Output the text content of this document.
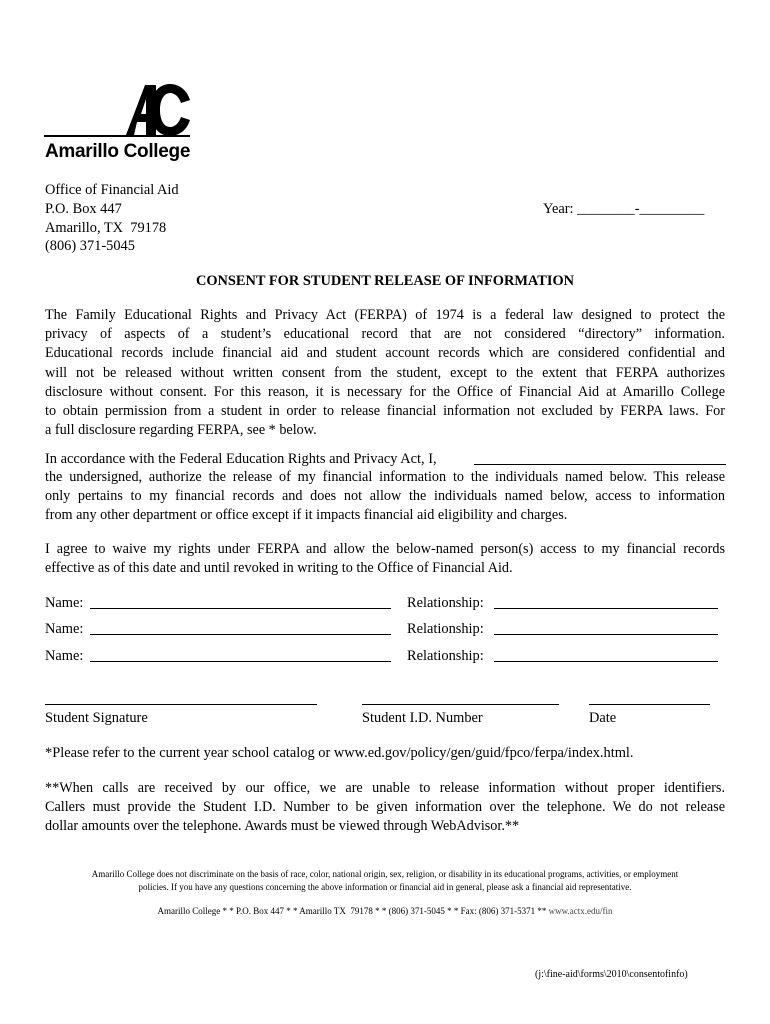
Amarillo College
Office of Financial Aid
P.O. Box 447
Amarillo, TX  79178
(806) 371-5045
Year: ________-_________
CONSENT FOR STUDENT RELEASE OF INFORMATION
The Family Educational Rights and Privacy Act (FERPA) of 1974 is a federal law designed to protect the
privacy of aspects of a student’s educational record that are not considered “directory” information.
Educational records include financial aid and student account records which are considered confidential and
will not be released without written consent from the student, except to the extent that FERPA authorizes
disclosure without consent. For this reason, it is necessary for the Office of Financial Aid at Amarillo College
to obtain permission from a student in order to release financial information not excluded by FERPA laws. For
a full disclosure regarding FERPA, see * below.
In accordance with the Federal Education Rights and Privacy Act, I,
the undersigned, authorize the release of my financial information to the individuals named below. This release
only pertains to my financial records and does not allow the individuals named below, access to information
from any other department or office except if it impacts financial aid eligibility and charges.
I agree to waive my rights under FERPA and allow the below-named person(s) access to my financial records
effective as of this date and until revoked in writing to the Office of Financial Aid.
Name:	Relationship:
Name:	Relationship:
Name:	Relationship:
Student Signature	Student I.D. Number	Date
*Please refer to the current year school catalog or www.ed.gov/policy/gen/guid/fpco/ferpa/index.html.
**When calls are received by our office, we are unable to release information without proper identifiers.
Callers must provide the Student I.D. Number to be given information over the telephone. We do not release
dollar amounts over the telephone. Awards must be viewed through WebAdvisor.**
Amarillo College does not discriminate on the basis of race, color, national origin, sex, religion, or disability in its educational programs, activities, or employment
policies. If you have any questions concerning the above information or financial aid in general, please ask a financial aid representative.
Amarillo College * * P.O. Box 447 * * Amarillo TX  79178 * * (806) 371-5045 * * Fax: (806) 371-5371 ** www.actx.edu/fin
(j:\fine-aid\forms\2010\consentofinfo)
